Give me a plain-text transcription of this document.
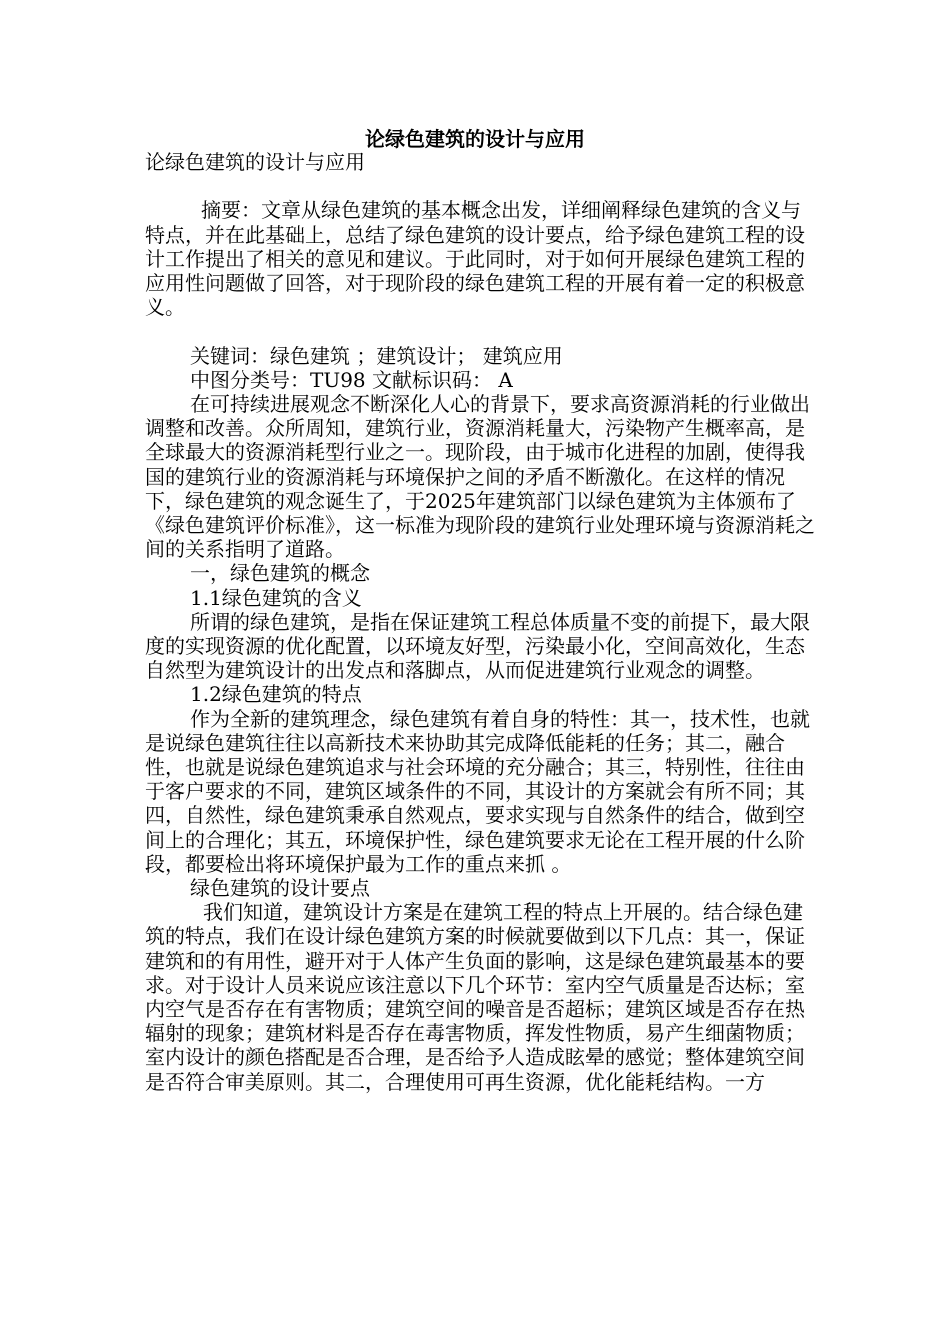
论绿色建筑的设计与应用

论绿色建筑的设计与应用

摘要：文章从绿色建筑的基本概念出发，详细阐释绿色建筑的含义与特点，并在此基础上，总结了绿色建筑的设计要点，给予绿色建筑工程的设计工作提出了相关的意见和建议。于此同时，对于如何开展绿色建筑工程的应用性问题做了回答，对于现阶段的绿色建筑工程的开展有着一定的积极意义。

关键词：绿色建筑 ；建筑设计； 建筑应用

中图分类号：TU98 文献标识码： A

在可持续进展观念不断深化人心的背景下，要求高资源消耗的行业做出调整和改善。众所周知，建筑行业，资源消耗量大，污染物产生概率高，是全球最大的资源消耗型行业之一。现阶段，由于城市化进程的加剧，使得我国的建筑行业的资源消耗与环境保护之间的矛盾不断激化。在这样的情况下，绿色建筑的观念诞生了，于2025年建筑部门以绿色建筑为主体颁布了《绿色建筑评价标准》，这一标准为现阶段的建筑行业处理环境与资源消耗之间的关系指明了道路。

一，绿色建筑的概念

1.1绿色建筑的含义

所谓的绿色建筑，是指在保证建筑工程总体质量不变的前提下，最大限度的实现资源的优化配置，以环境友好型，污染最小化，空间高效化，生态自然型为建筑设计的出发点和落脚点，从而促进建筑行业观念的调整。

1.2绿色建筑的特点

作为全新的建筑理念，绿色建筑有着自身的特性：其一，技术性，也就是说绿色建筑往往以高新技术来协助其完成降低能耗的任务；其二，融合性，也就是说绿色建筑追求与社会环境的充分融合；其三，特别性，往往由于客户要求的不同，建筑区域条件的不同，其设计的方案就会有所不同；其四，自然性，绿色建筑秉承自然观点，要求实现与自然条件的结合，做到空间上的合理化；其五，环境保护性，绿色建筑要求无论在工程开展的什么阶段，都要检出将环境保护最为工作的重点来抓 。

绿色建筑的设计要点

我们知道，建筑设计方案是在建筑工程的特点上开展的。结合绿色建筑的特点，我们在设计绿色建筑方案的时候就要做到以下几点：其一，保证建筑和的有用性，避开对于人体产生负面的影响，这是绿色建筑最基本的要求。对于设计人员来说应该注意以下几个环节：室内空气质量是否达标；室内空气是否存在有害物质；建筑空间的噪音是否超标；建筑区域是否存在热辐射的现象；建筑材料是否存在毒害物质，挥发性物质，易产生细菌物质；室内设计的颜色搭配是否合理，是否给予人造成眩晕的感觉；整体建筑空间是否符合审美原则。其二，合理使用可再生资源，优化能耗结构。一方
